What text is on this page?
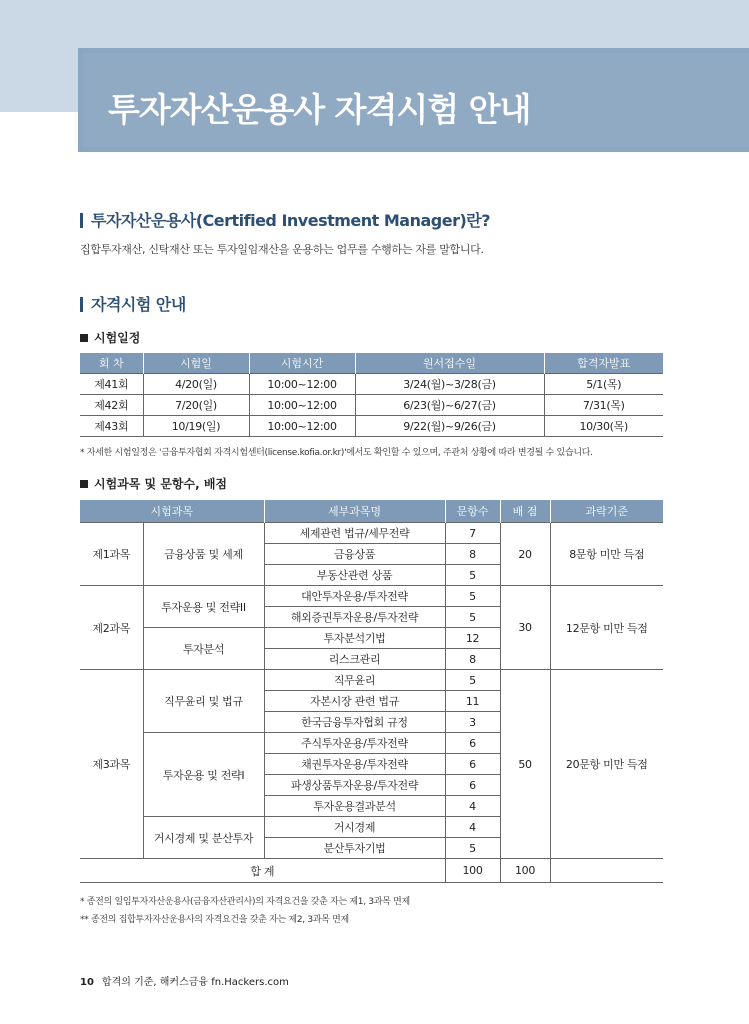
투자자산운용사 자격시험 안내
투자자산운용사(Certified Investment Manager)란?
집합투자재산, 신탁재산 또는 투자일임재산을 운용하는 업무를 수행하는 자를 말합니다.
자격시험 안내
시험일정
회 차	시험일	시험시간	원서접수일	합격자발표
제41회	4/20(일)	10:00~12:00	3/24(월)~3/28(금)	5/1(목)
제42회	7/20(일)	10:00~12:00	6/23(월)~6/27(금)	7/31(목)
제43회	10/19(일)	10:00~12:00	9/22(월)~9/26(금)	10/30(목)
* 자세한 시험일정은 '금융투자협회 자격시험센터(license.kofia.or.kr)'에서도 확인할 수 있으며, 주관처 상황에 따라 변경될 수 있습니다.
시험과목 및 문항수, 배점
시험과목		세부과목명	문항수	배 점	과락기준
제1과목	금융상품 및 세제	세제관련 법규/세무전략	7	20	8문항 미만 득점
		금융상품	8		
		부동산관련 상품	5		
제2과목	투자운용 및 전략II	대안투자운용/투자전략	5	30	12문항 미만 득점
		해외증권투자운용/투자전략	5		
	투자분석	투자분석기법	12		
		리스크관리	8		
제3과목	직무윤리 및 법규	직무윤리	5	50	20문항 미만 득점
		자본시장 관련 법규	11		
		한국금융투자협회 규정	3		
	투자운용 및 전략I	주식투자운용/투자전략	6		
		채권투자운용/투자전략	6		
		파생상품투자운용/투자전략	6		
		투자운용결과분석	4		
	거시경제 및 분산투자	거시경제	4		
		분산투자기법	5		
합 계			100	100	
* 종전의 일임투자자산운용사(금융자산관리사)의 자격요건을 갖춘 자는 제1, 3과목 면제
** 종전의 집합투자자산운용사의 자격요건을 갖춘 자는 제2, 3과목 면제
10 합격의 기준, 해커스금융 fn.Hackers.com
